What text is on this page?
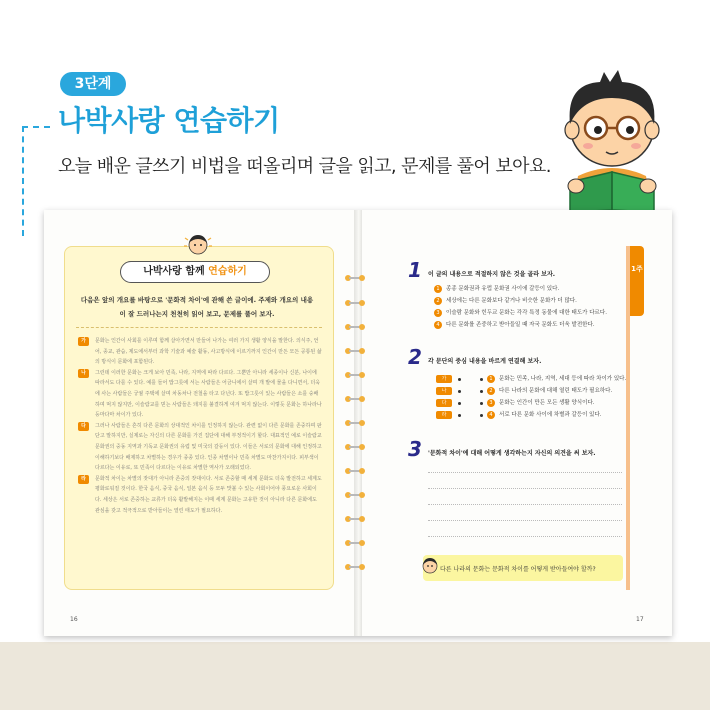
3단계
나박사랑 연습하기
오늘 배운 글쓰기 비법을 떠올리며 글을 읽고, 문제를 풀어 보아요.
나박사랑 함께 연습하기
다음은 앞의 개요를 바탕으로 '문화적 차이'에 관해 쓴 글이에. 주제와 개요의 내용이 잘 드러나는지 천천히 읽어 보고, 문제를 풀어 보자.
가	문화는 인간이 사회를 이루며 함께 살아가면서 만들어 나가는 여러 가지 생활 양식을 말한다. 의식주, 언어, 종교, 관습, 제도에서부터 과학 기술과 예술 활동, 사고방식에 이르기까지 인간이 만든 모든 공통된 삶의 방식이 문화에 포함된다.
나	그런데 이러한 문화는 크게 보아 민족, 나라, 지역에 따라 다르다. 그뿐만 아니라 세종이나 신분, 나이에 따라서도 다를 수 있다. 예를 들어 밥그릇에 서는 사람들은 어금니에서 살며 개 발에 물을 다니면서, 더욱에 사는 사람들은 궁궐 주택에 살며 차동차나 전철을 타고 다닌다. 또 밥그릇이 있는 사람들은 소를 숭배하며 먹지 않지만, 이슬람교를 믿는 사람들은 돼지를 불결하게 여겨 먹지 않는다. 이렇듯 문화는 하나라나 등마다마 차이가 있다.
다	그러나 사람들은 흔히 다른 문화의 상대적인 차이를 인정하지 않는다. 관련 없이 다른 문화를 존중하며 판단고 말하지만, 실제로는 자신의 다른 문화를 가진 집단에 대해 부정적이기 할다. 대표적인 예로 이슬람교 문화권의 중동 지역과 기독교 문화권의 유럽 및 미국의 갈등이 있다. 이들은 서로의 문화에 대해 인정하고 이해하기보다 배제하고 차별하는 경우가 종종 있다. 인종 차별이나 민족 차별도 마찬가지이다. 피부색이 다르다는 이유로, 또 민족이 다르다는 이유로 차별한 역사가 오래되었다.
라	문화적 차이는 차별의 잣대가 아니라 존중의 잣대이다. 서로 존중할 때 세계 문화도 더욱 발전하고 세계도 평화로워질 것이다. 한국 음식, 중국 음식, 일본 음식 등 모두 맛볼 수 있는 사회이어야 풍요로운 사회이다. 세상은 서로 존중하는 교류가 더욱 활발해지는 이때 세계 문화는 고유한 것이 아니라 다른 문화에도 관심을 갖고 적극적으로 받아들이는 열린 태도가 필요하다.
16
1주
1 이 글의 내용으로 적절하지 않은 것을 골라 보자.
1 종종 문화권과 유럽 문화권 사이에 갈등이 있다.
2 세상에는 다른 문화보다 같거나 비슷한 문화가 더 많다.
3 이슬람 문화와 힌두교 문화는 각각 특정 동물에 대한 태도가 다르다.
4 다른 문화를 존중하고 받아들일 때 자국 문화도 더욱 발전한다.
2 각 문단의 중심 내용을 바르게 연결해 보자.
가
나
다
라
1 문화는 민족, 나라, 지역, 세대 등에 따라 차이가 있다.
2 다른 나라의 문화에 대해 열린 태도가 필요하다.
3 문화는 인간이 만든 모든 생활 양식이다.
4 서로 다른 문화 사이에 차별과 갈등이 있다.
3 '문화적 차이'에 대해 어떻게 생각하는지 자신의 의견을 써 보자.
다른 나라의 문화는 문화적 차이를 어떻게 받아들여야 할까?
17
